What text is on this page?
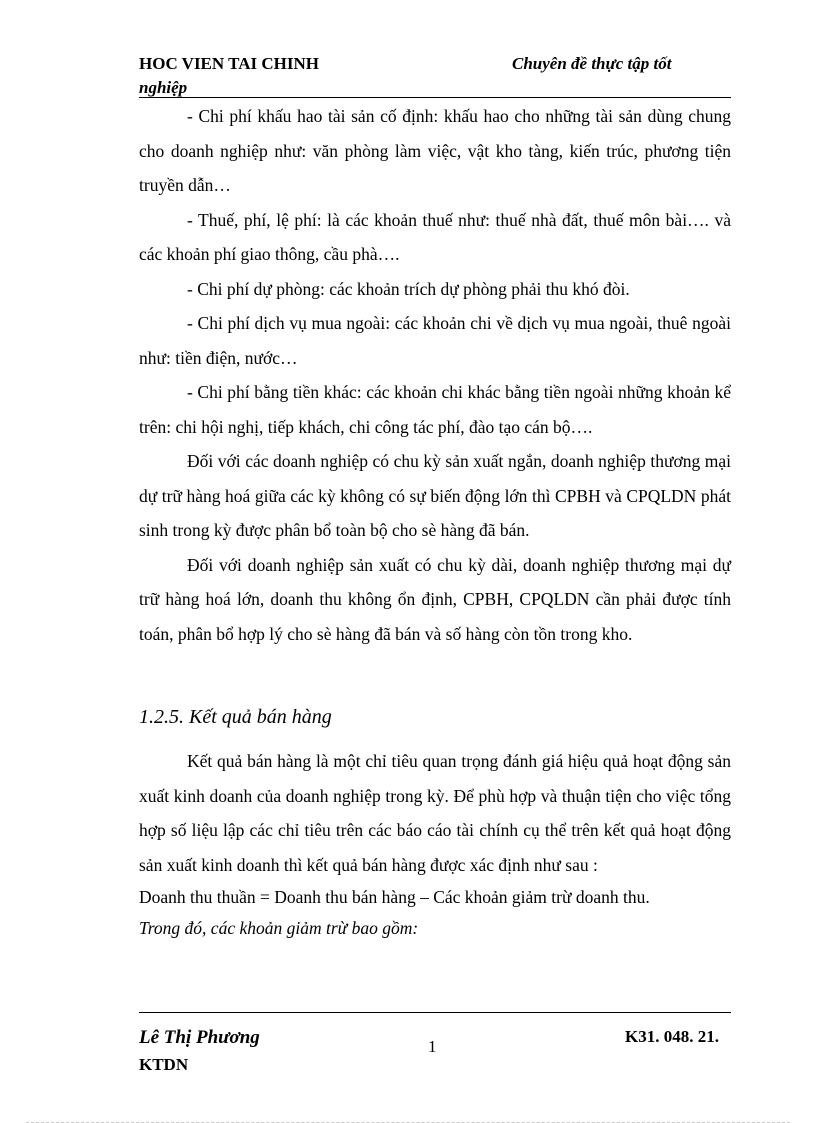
HOC VIEN TAI CHINH
nghiệp
Chuyên đề thực tập tốt

- Chi phí khấu hao tài sản cố định: khấu hao cho những tài sản dùng chung cho doanh nghiệp như: văn phòng làm việc, vật kho tàng, kiến trúc, phương tiện truyền dẫn…

- Thuế, phí, lệ phí: là các khoản thuế như: thuế nhà đất, thuế môn bài…. và các khoản phí giao thông, cầu phà….

- Chi phí dự phòng: các khoản trích dự phòng phải thu khó đòi.

- Chi phí dịch vụ mua ngoài: các khoản chi về dịch vụ mua ngoài, thuê ngoài như: tiền điện, nước…

- Chi phí bằng tiền khác: các khoản chi khác bằng tiền ngoài những khoản kể trên: chi hội nghị, tiếp khách, chi công tác phí, đào tạo cán bộ….

Đối với các doanh nghiệp có chu kỳ sản xuất ngắn, doanh nghiệp thương mại dự trữ hàng hoá giữa các kỳ không có sự biến động lớn thì CPBH và CPQLDN phát sinh trong kỳ được phân bổ toàn bộ cho sè hàng đã bán.

Đối với doanh nghiệp sản xuất có chu kỳ dài, doanh nghiệp thương mại dự trữ hàng hoá lớn, doanh thu không ổn định, CPBH, CPQLDN cần phải được tính toán, phân bổ hợp lý cho sè hàng đã bán và số hàng còn tồn trong kho.

1.2.5. Kết quả bán hàng

Kết quả bán hàng là một chỉ tiêu quan trọng đánh giá hiệu quả hoạt động sản xuất kinh doanh của doanh nghiệp trong kỳ. Để phù hợp và thuận tiện cho việc tổng hợp số liệu lập các chỉ tiêu trên các báo cáo tài chính cụ thể trên kết quả hoạt động sản xuất kinh doanh thì kết quả bán hàng được xác định như sau :

Doanh thu thuần = Doanh thu bán hàng – Các khoản giảm trừ doanh thu.

Trong đó, các khoản giảm trừ bao gồm:

Lê Thị Phương
KTDN
1
K31. 048. 21.
